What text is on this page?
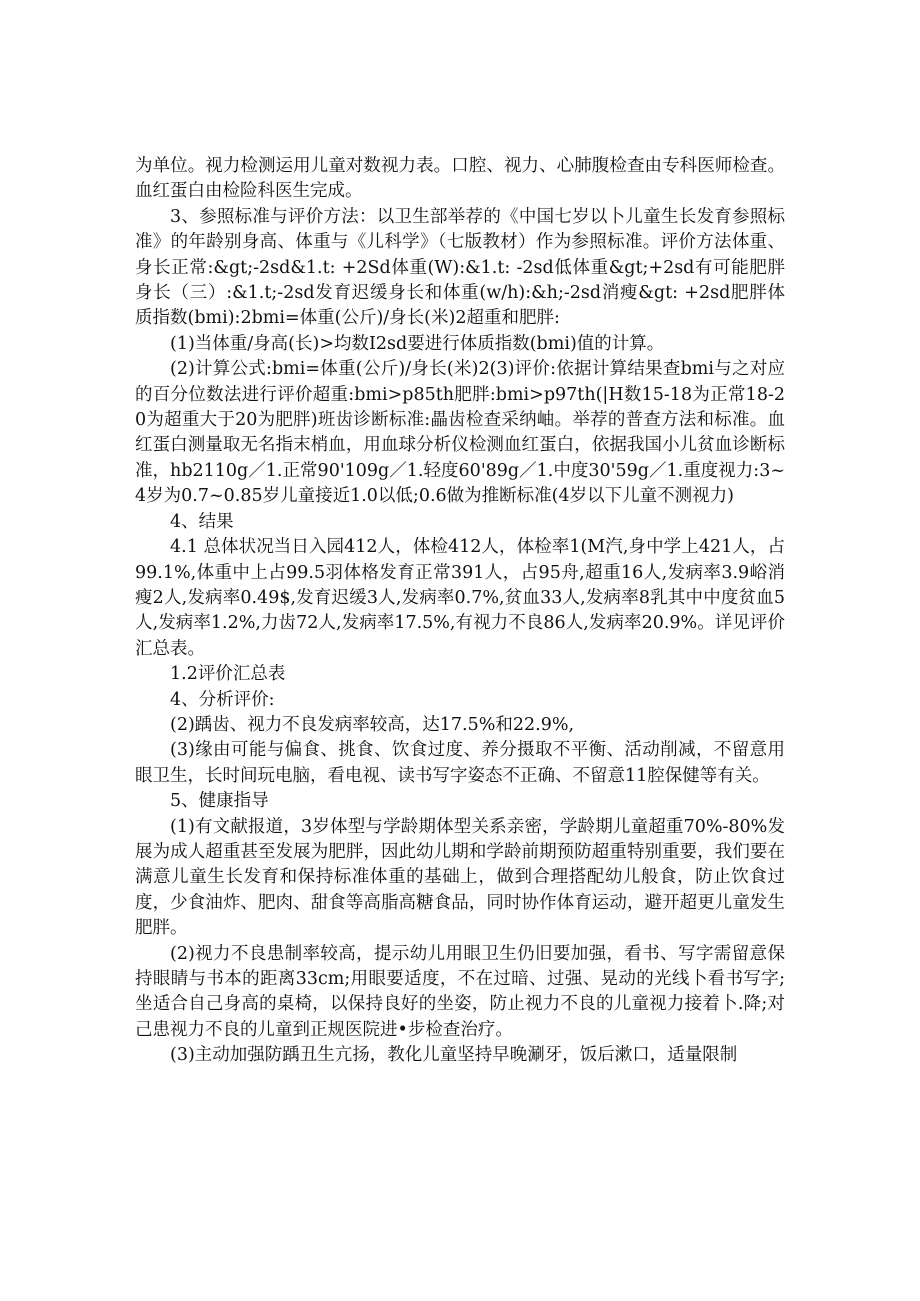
为单位。视力检测运用儿童对数视力表。口腔、视力、心肺腹检查由专科医师检查。血红蛋白由检险科医生完成。

3、参照标准与评价方法：以卫生部举荐的《中国七岁以卜儿童生长发育参照标准》的年龄别身高、体重与《儿科学》（七版教材）作为参照标准。评价方法体重、身长正常:&gt;-2sd&1.t: +2Sd体重(W):&1.t: -2sd低体重&gt;+2sd有可能肥胖身长（三）:&1.t;-2sd发育迟缓身长和体重(w/h):&h;-2sd消瘦&gt: +2sd肥胖体质指数(bmi):2bmi=体重(公斤)/身长(米)2超重和肥胖:

(1)当体重/身高(长)>均数I2sd要进行体质指数(bmi)值的计算。

(2)计算公式:bmi=体重(公斤)/身长(米)2(3)评价:依据计算结果查bmi与之对应的百分位数法进行评价超重:bmi>p85th肥胖:bmi>p97th(|H数15-18为正常18-20为超重大于20为肥胖)班齿诊断标准:畾齿检查采纳岫。举荐的普查方法和标准。血红蛋白测量取无名指末梢血，用血球分析仪检测血红蛋白，依据我国小儿贫血诊断标准，hb2110g／1.正常90'109g／1.轻度60'89g／1.中度30'59g／1.重度视力:3~4岁为0.7~0.85岁儿童接近1.0以低;0.6做为推断标准(4岁以下儿童不测视力)

4、结果

4.1 总体状况当日入园412人，体检412人，体检率1(M汽,身中学上421人，占99.1%,体重中上占99.5羽体格发育正常391人，占95舟,超重16人,发病率3.9峪消瘦2人,发病率0.49$,发育迟缓3人,发病率0.7%,贫血33人,发病率8乳其中中度贫血5人,发病率1.2%,力齿72人,发病率17.5%,有视力不良86人,发病率20.9%。详见评价汇总表。

1.2评价汇总表

4、分析评价:

(2)踽齿、视力不良发病率较高，达17.5%和22.9%,

(3)缘由可能与偏食、挑食、饮食过度、养分摄取不平衡、活动削减，不留意用眼卫生，长时间玩电脑，看电视、读书写字姿态不正确、不留意11腔保健等有关。

5、健康指导

(1)有文献报道，3岁体型与学龄期体型关系亲密，学龄期儿童超重70%-80%发展为成人超重甚至发展为肥胖，因此幼儿期和学龄前期预防超重特别重要，我们要在满意儿童生长发育和保持标准体重的基础上，做到合理搭配幼儿般食，防止饮食过度，少食油炸、肥肉、甜食等高脂高糖食品，同时协作体育运动，避开超更儿童发生肥胖。

(2)视力不良患制率较高，提示幼儿用眼卫生仍旧要加强，看书、写字需留意保持眼睛与书本的距离33cm;用眼要适度，不在过暗、过强、晃动的光线卜看书写字;坐适合自己身高的桌椅，以保持良好的坐姿，防止视力不良的儿童视力接着卜.降;对己患视力不良的儿童到正规医院进•步检查治疗。

(3)主动加强防踽丑生亢扬，教化儿童坚持早晚涮牙，饭后漱口，适量限制
